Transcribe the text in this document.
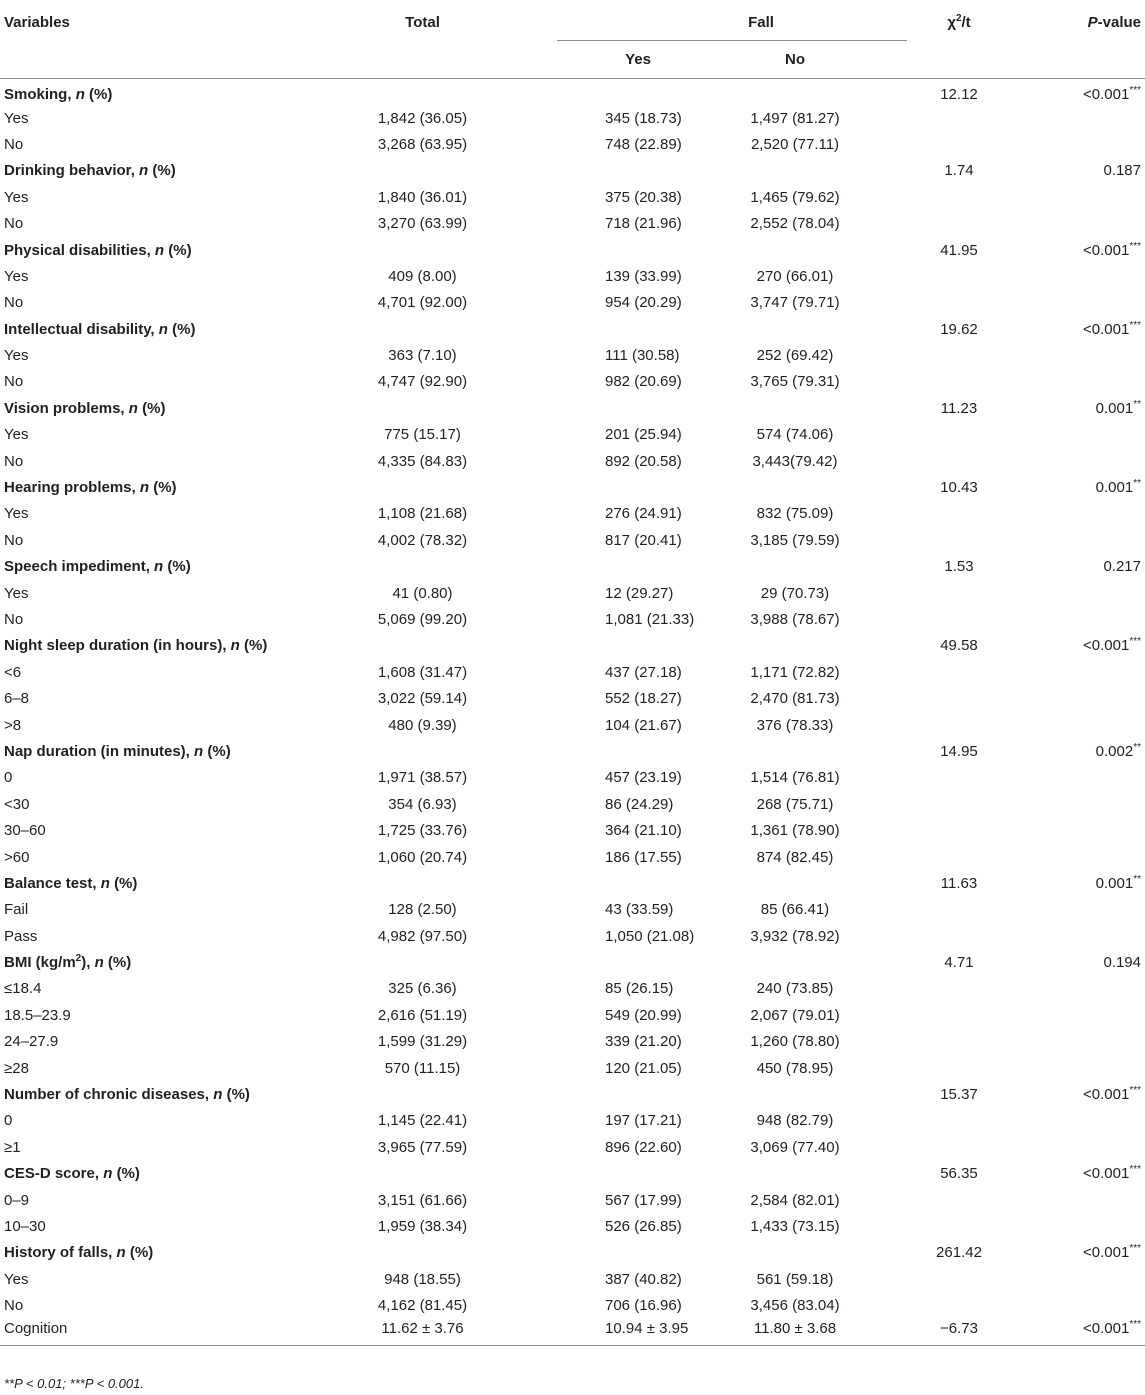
Variables	Total	Fall		$\chi^2/t$	P-value
		Yes	No		
Smoking, n (%)				12.12	<0.001***
Yes	1,842 (36.05)	345 (18.73)	1,497 (81.27)		
No	3,268 (63.95)	748 (22.89)	2,520 (77.11)		
Drinking behavior, n (%)				1.74	0.187
Yes	1,840 (36.01)	375 (20.38)	1,465 (79.62)		
No	3,270 (63.99)	718 (21.96)	2,552 (78.04)		
Physical disabilities, n (%)				41.95	<0.001***
Yes	409 (8.00)	139 (33.99)	270 (66.01)		
No	4,701 (92.00)	954 (20.29)	3,747 (79.71)		
Intellectual disability, n (%)				19.62	<0.001***
Yes	363 (7.10)	111 (30.58)	252 (69.42)		
No	4,747 (92.90)	982 (20.69)	3,765 (79.31)		
Vision problems, n (%)				11.23	0.001**
Yes	775 (15.17)	201 (25.94)	574 (74.06)		
No	4,335 (84.83)	892 (20.58)	3,443(79.42)		
Hearing problems, n (%)				10.43	0.001**
Yes	1,108 (21.68)	276 (24.91)	832 (75.09)		
No	4,002 (78.32)	817 (20.41)	3,185 (79.59)		
Speech impediment, n (%)				1.53	0.217
Yes	41 (0.80)	12 (29.27)	29 (70.73)		
No	5,069 (99.20)	1,081 (21.33)	3,988 (78.67)		
Night sleep duration (in hours), n (%)				49.58	<0.001***
<6	1,608 (31.47)	437 (27.18)	1,171 (72.82)		
6–8	3,022 (59.14)	552 (18.27)	2,470 (81.73)		
>8	480 (9.39)	104 (21.67)	376 (78.33)		
Nap duration (in minutes), n (%)				14.95	0.002**
0	1,971 (38.57)	457 (23.19)	1,514 (76.81)		
<30	354 (6.93)	86 (24.29)	268 (75.71)		
30–60	1,725 (33.76)	364 (21.10)	1,361 (78.90)		
>60	1,060 (20.74)	186 (17.55)	874 (82.45)		
Balance test, n (%)				11.63	0.001**
Fail	128 (2.50)	43 (33.59)	85 (66.41)		
Pass	4,982 (97.50)	1,050 (21.08)	3,932 (78.92)		
BMI $(kg/m^2)$, n (%)				4.71	0.194
≤18.4	325 (6.36)	85 (26.15)	240 (73.85)		
18.5–23.9	2,616 (51.19)	549 (20.99)	2,067 (79.01)		
24–27.9	1,599 (31.29)	339 (21.20)	1,260 (78.80)		
≥28	570 (11.15)	120 (21.05)	450 (78.95)		
Number of chronic diseases, n (%)				15.37	<0.001***
0	1,145 (22.41)	197 (17.21)	948 (82.79)		
≥1	3,965 (77.59)	896 (22.60)	3,069 (77.40)		
CES-D score, n (%)				56.35	<0.001***
0–9	3,151 (61.66)	567 (17.99)	2,584 (82.01)		
10–30	1,959 (38.34)	526 (26.85)	1,433 (73.15)		
History of falls, n (%)				261.42	<0.001***
Yes	948 (18.55)	387 (40.82)	561 (59.18)		
No	4,162 (81.45)	706 (16.96)	3,456 (83.04)		
Cognition	11.62 ± 3.76	10.94 ± 3.95	11.80 ± 3.68	−6.73	<0.001***
**P < 0.01; ***P < 0.001.
